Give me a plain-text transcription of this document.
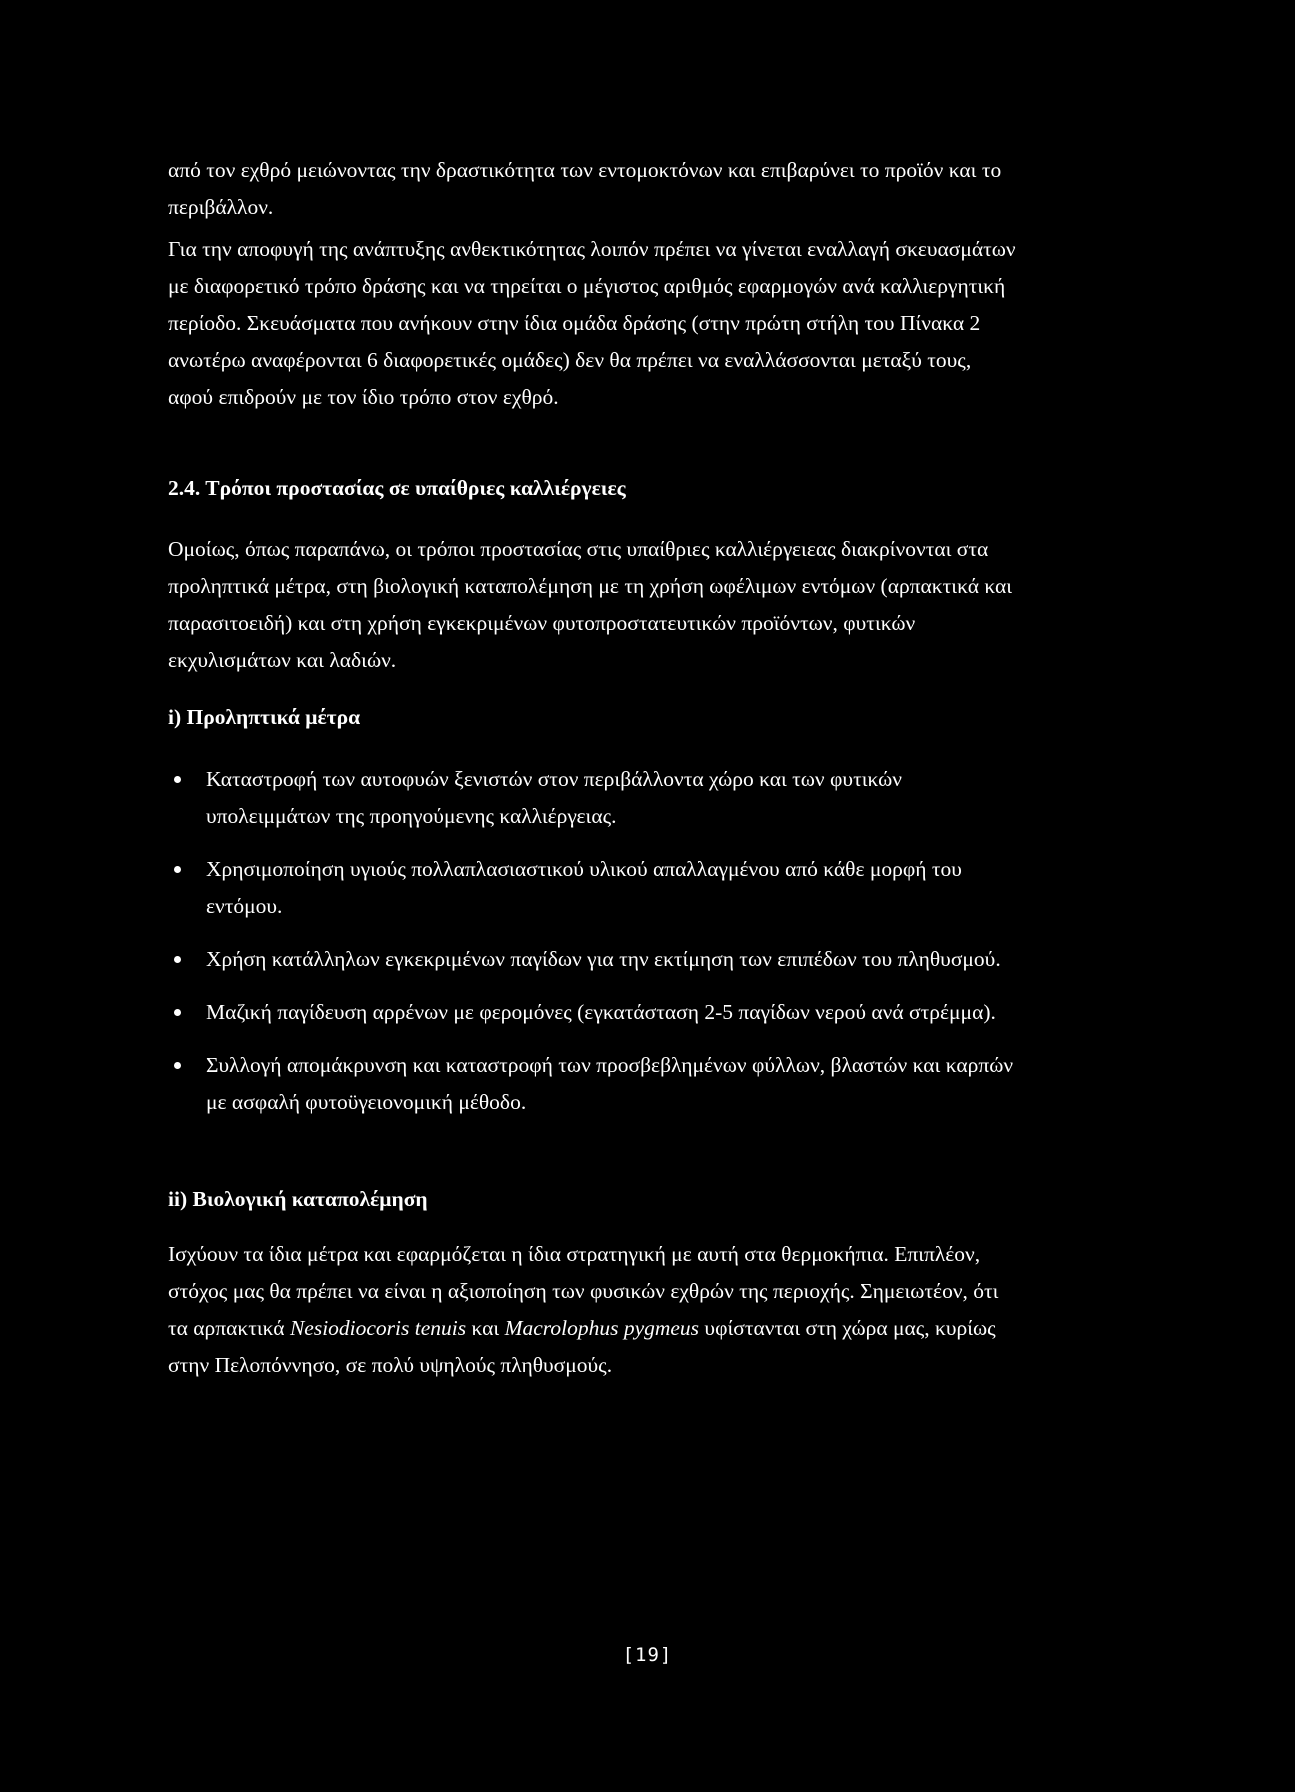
από τον εχθρό μειώνοντας την δραστικότητα των εντομοκτόνων και επιβαρύνει το προϊόν και το περιβάλλον.

Για την αποφυγή της ανάπτυξης ανθεκτικότητας λοιπόν πρέπει να γίνεται εναλλαγή σκευασμάτων με διαφορετικό τρόπο δράσης και να τηρείται ο μέγιστος αριθμός εφαρμογών ανά καλλιεργητική περίοδο. Σκευάσματα που ανήκουν στην ίδια ομάδα δράσης (στην πρώτη στήλη του Πίνακα 2 ανωτέρω αναφέρονται 6 διαφορετικές ομάδες) δεν θα πρέπει να εναλλάσσονται μεταξύ τους, αφού επιδρούν με τον ίδιο τρόπο στον εχθρό.

2.4. Τρόποι προστασίας σε υπαίθριες καλλιέργειες

Ομοίως, όπως παραπάνω, οι τρόποι προστασίας στις υπαίθριες καλλιέργειεας διακρίνονται στα προληπτικά μέτρα, στη βιολογική καταπολέμηση με τη χρήση ωφέλιμων εντόμων (αρπακτικά και παρασιτοειδή) και στη χρήση εγκεκριμένων φυτοπροστατευτικών προϊόντων, φυτικών εκχυλισμάτων και λαδιών.

i) Προληπτικά μέτρα
Καταστροφή των αυτοφυών ξενιστών στον περιβάλλοντα χώρο και των φυτικών υπολειμμάτων της προηγούμενης καλλιέργειας.
Χρησιμοποίηση υγιούς πολλαπλασιαστικού υλικού απαλλαγμένου από κάθε μορφή του εντόμου.
Χρήση κατάλληλων εγκεκριμένων παγίδων για την εκτίμηση των επιπέδων του πληθυσμού.
Μαζική παγίδευση αρρένων με φερομόνες (εγκατάσταση 2-5 παγίδων νερού ανά στρέμμα).
Συλλογή απομάκρυνση και καταστροφή των προσβεβλημένων φύλλων, βλαστών και καρπών με ασφαλή φυτοϋγειονομική μέθοδο.
ii) Βιολογική καταπολέμηση

Ισχύουν τα ίδια μέτρα και εφαρμόζεται η ίδια στρατηγική με αυτή στα θερμοκήπια. Επιπλέον, στόχος μας θα πρέπει να είναι η αξιοποίηση των φυσικών εχθρών της περιοχής. Σημειωτέον, ότι τα αρπακτικά Nesiodiocoris tenuis και Macrolophus pygmeus υφίστανται στη χώρα μας, κυρίως στην Πελοπόννησο, σε πολύ υψηλούς πληθυσμούς.

[19]
